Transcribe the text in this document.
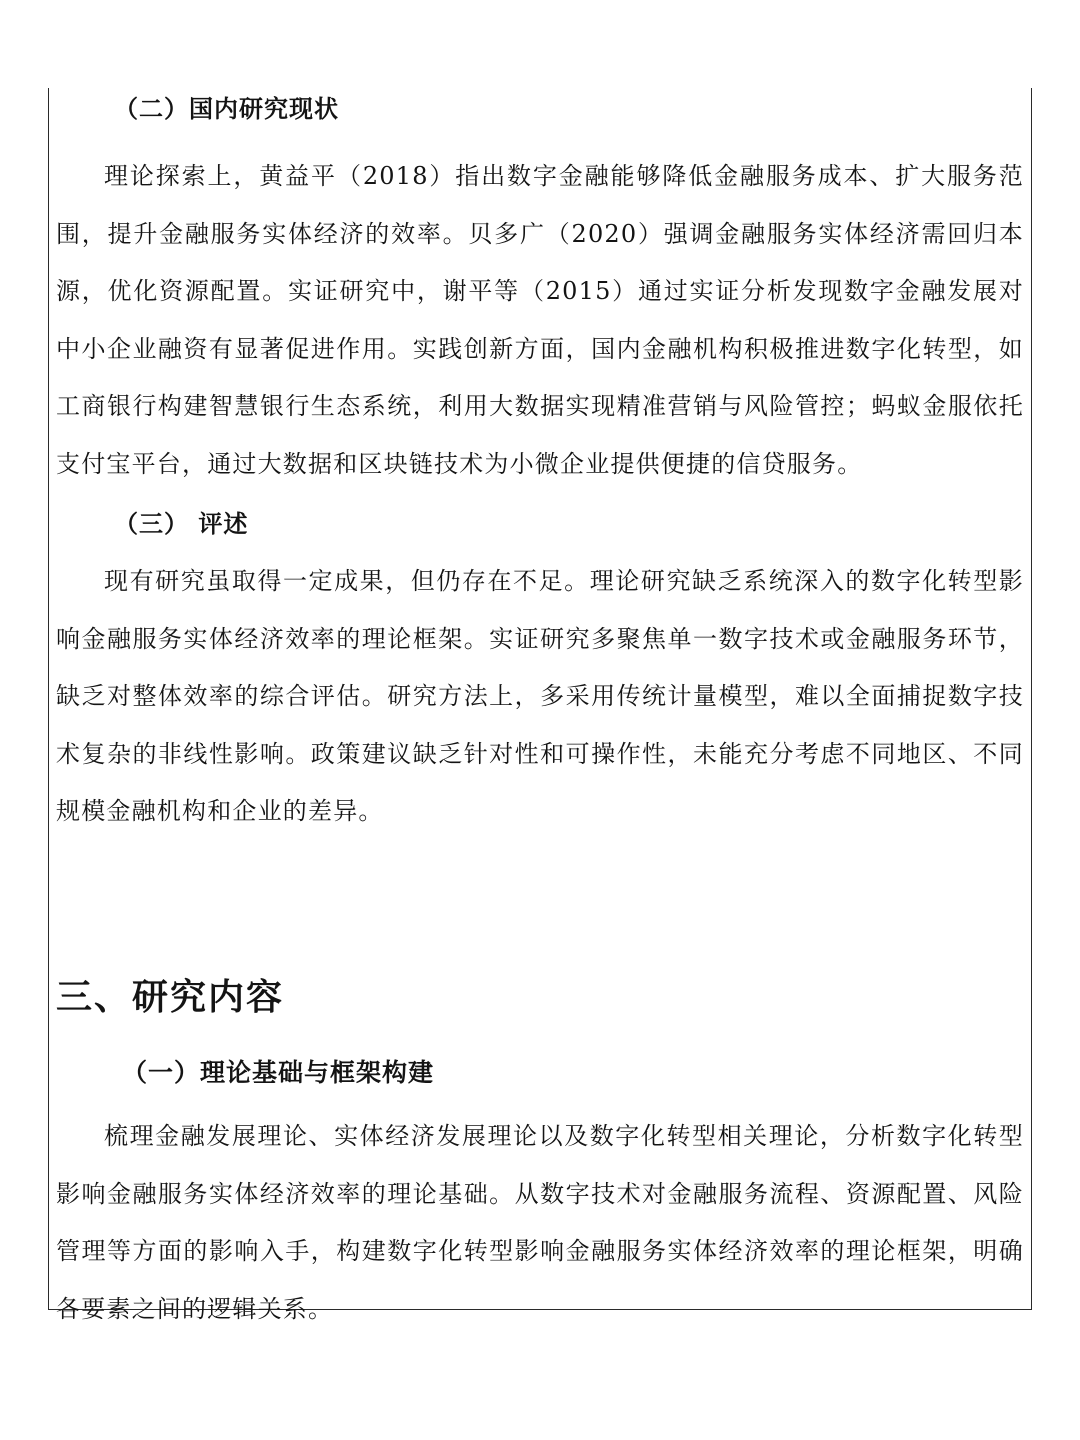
（二）国内研究现状

理论探索上，黄益平（2018）指出数字金融能够降低金融服务成本、扩大服务范围，提升金融服务实体经济的效率。贝多广（2020）强调金融服务实体经济需回归本源，优化资源配置。实证研究中，谢平等（2015）通过实证分析发现数字金融发展对中小企业融资有显著促进作用。实践创新方面，国内金融机构积极推进数字化转型，如工商银行构建智慧银行生态系统，利用大数据实现精准营销与风险管控；蚂蚁金服依托支付宝平台，通过大数据和区块链技术为小微企业提供便捷的信贷服务。

（三） 评述

现有研究虽取得一定成果，但仍存在不足。理论研究缺乏系统深入的数字化转型影响金融服务实体经济效率的理论框架。实证研究多聚焦单一数字技术或金融服务环节，缺乏对整体效率的综合评估。研究方法上，多采用传统计量模型，难以全面捕捉数字技术复杂的非线性影响。政策建议缺乏针对性和可操作性，未能充分考虑不同地区、不同规模金融机构和企业的差异。

三、研究内容
（一）理论基础与框架构建

梳理金融发展理论、实体经济发展理论以及数字化转型相关理论，分析数字化转型影响金融服务实体经济效率的理论基础。从数字技术对金融服务流程、资源配置、风险管理等方面的影响入手，构建数字化转型影响金融服务实体经济效率的理论框架，明确各要素之间的逻辑关系。
